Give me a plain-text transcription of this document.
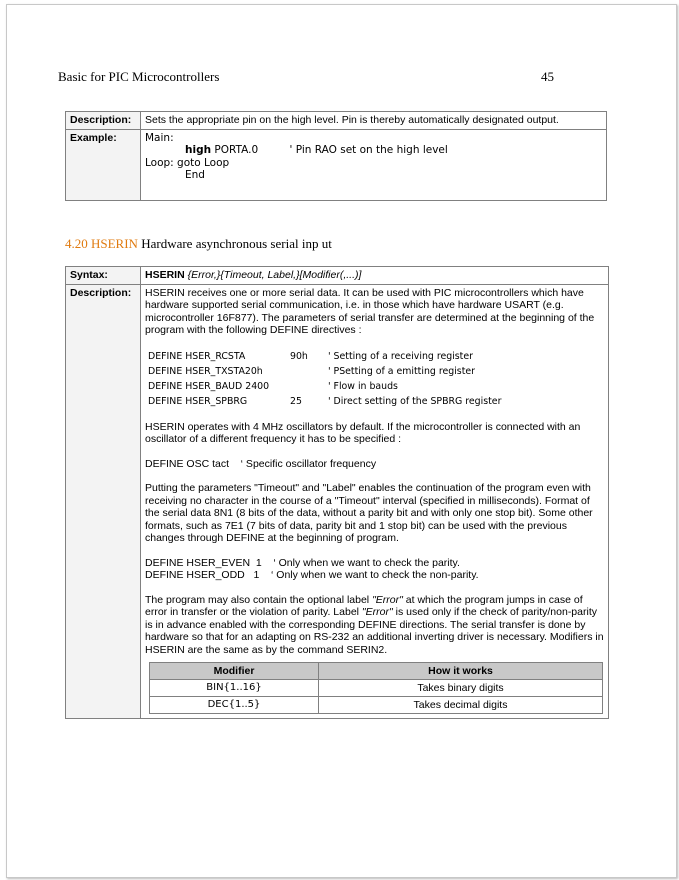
Basic for PIC Microcontrollers	45
Description:	Sets the appropriate pin on the high level. Pin is thereby automatically designated output.
Example:	Main:
high PORTA.0 ' Pin RAO set on the high level
Loop: goto Loop
End
4.20 HSERIN Hardware asynchronous serial inp ut
Syntax:	HSERIN {Error,}{Timeout, Label,}[Modifier(,...)]
Description:	HSERIN receives one or more serial data. It can be used with PIC microcontrollers which have hardware supported serial communication, i.e. in those which have hardware USART (e.g. microcontroller 16F877). The parameters of serial transfer are determined at the beginning of the program with the following DEFINE directives :

DEFINE HSER_RCSTA	90h ' Setting of a receiving register
DEFINE HSER_TXSTA20h	' PSetting of a emitting register
DEFINE HSER_BAUD 2400	' Flow in bauds
DEFINE HSER_SPBRG	25	' Direct setting of the SPBRG register

HSERIN operates with 4 MHz oscillators by default. If the microcontroller is connected with an oscillator of a different frequency it has to be specified :

DEFINE OSC tact    ‘ Specific oscillator frequency

Putting the parameters "Timeout" and "Label" enables the continuation of the program even with receiving no character in the course of a "Timeout" interval (specified in milliseconds). Format of the serial data 8N1 (8 bits of the data, without a parity bit and with only one stop bit). Some other formats, such as 7E1 (7 bits of data, parity bit and 1 stop bit) can be used with the previous changes through DEFINE at the beginning of program.

DEFINE HSER_EVEN  1    ‘ Only when we want to check the parity.

DEFINE HSER_ODD   1    ‘ Only when we want to check the non-parity.

The program may also contain the optional label "Error" at which the program jumps in case of error in transfer or the violation of parity. Label "Error" is used only if the check of parity/non-parity is in advance enabled with the corresponding DEFINE directions. The serial transfer is done by hardware so that for an adapting on RS-232 an additional inverting driver is necessary. Modifiers in HSERIN are the same as by the command SERIN2.

Modifier	How it works
BIN{1..16}	Takes binary digits
DEC{1..5}	Takes decimal digits
